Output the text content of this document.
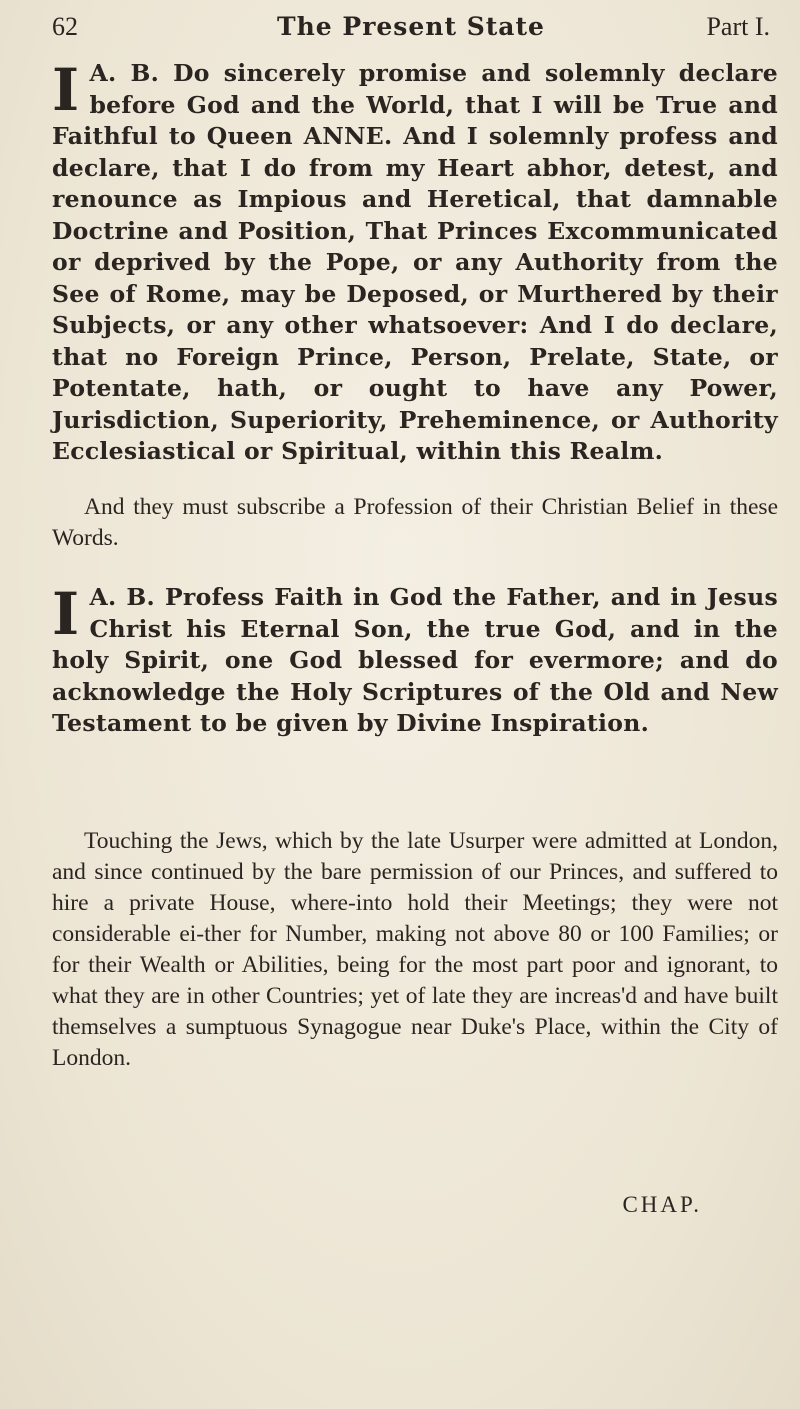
62	The Present State	Part I.

I A. B. Do sincerely promise and solemnly declare before God and the World, that I will be True and Faithful to Queen ANNE. And I solemnly profess and declare, that I do from my Heart abhor, detest, and renounce as Impious and Heretical, that damnable Doctrine and Position, That Princes Excommunicated or deprived by the Pope, or any Authority from the See of Rome, may be Deposed, or Murthered by their Subjects, or any other whatsoever: And I do declare, that no Foreign Prince, Person, Prelate, State, or Potentate, hath, or ought to have any Power, Jurisdiction, Superiority, Preheminence, or Authority Ecclesiastical or Spiritual, within this Realm.

And they must subscribe a Profession of their Christian Belief in these Words.

I A. B. Profess Faith in God the Father, and in Jesus Christ his Eternal Son, the true God, and in the holy Spirit, one God blessed for evermore; and do acknowledge the Holy Scriptures of the Old and New Testament to be given by Divine Inspiration.

Touching the Jews, which by the late Usurper were admitted at London, and since continued by the bare permission of our Princes, and suffered to hire a private House, where-into hold their Meetings; they were not considerable ei-ther for Number, making not above 80 or 100 Families; or for their Wealth or Abilities, being for the most part poor and ignorant, to what they are in other Countries; yet of late they are increas'd and have built themselves a sumptuous Synagogue near Duke's Place, within the City of London.

CHAP.
